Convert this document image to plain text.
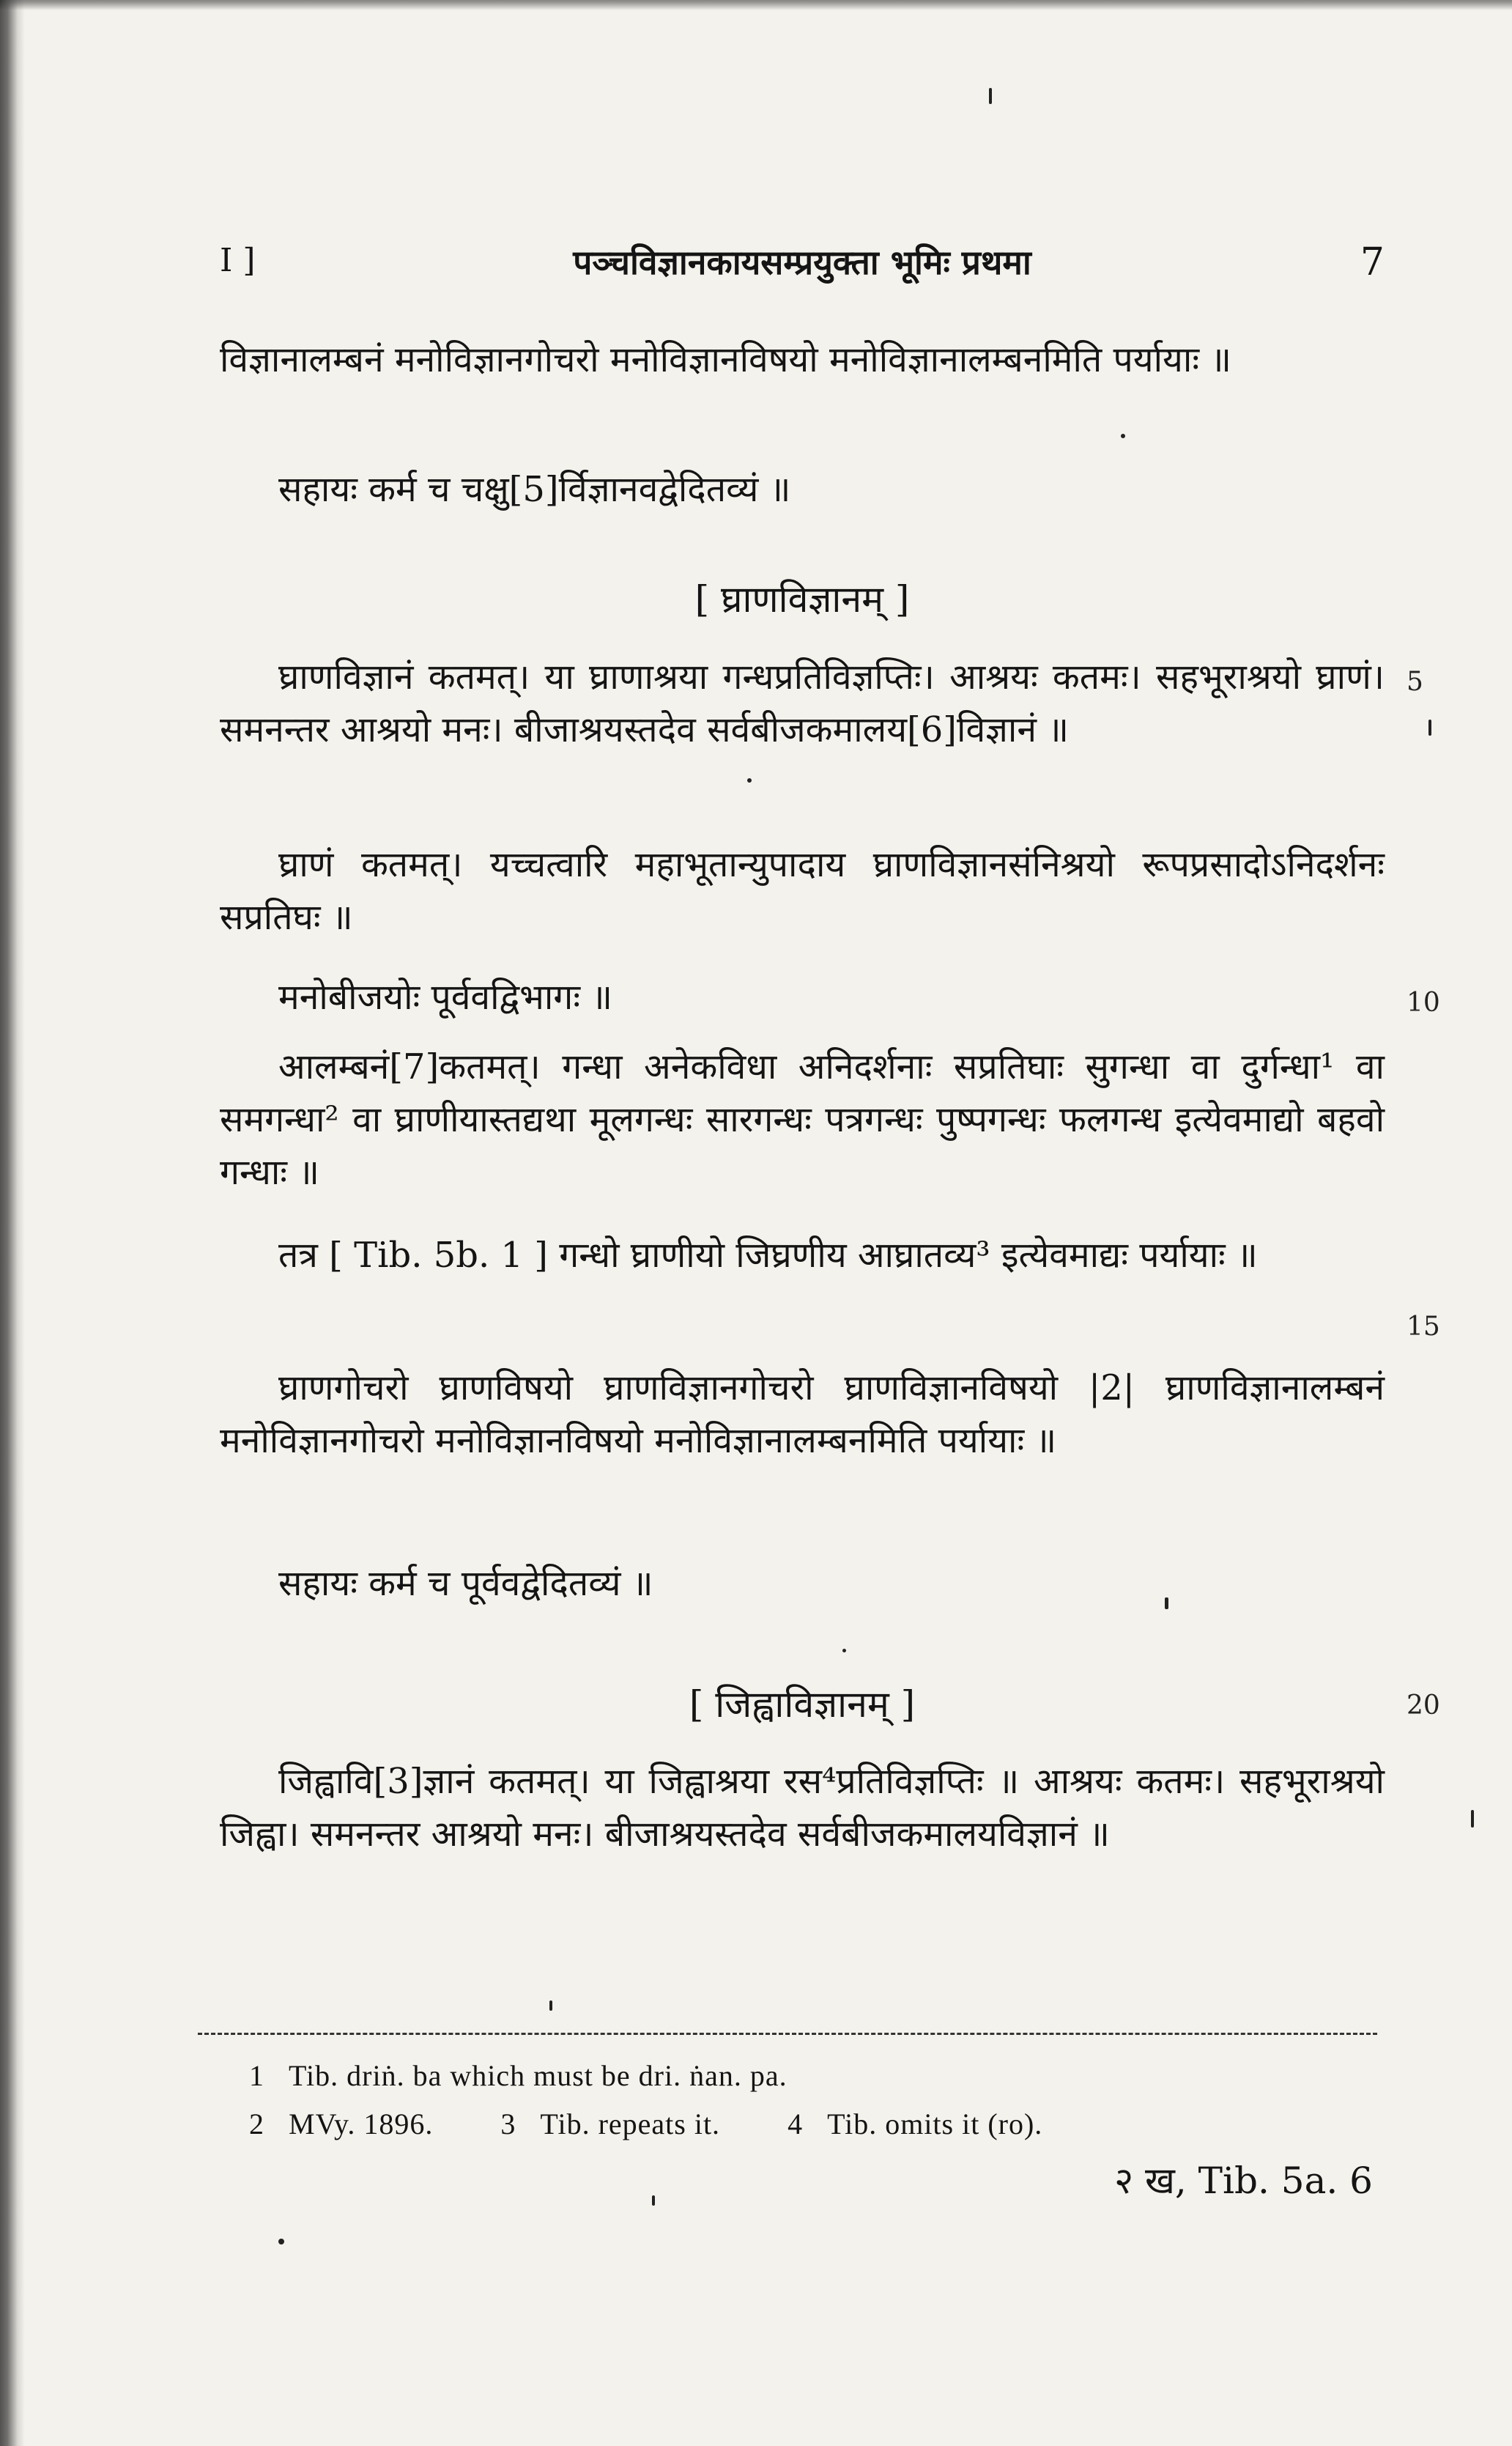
I ]	पञ्चविज्ञानकायसम्प्रयुक्ता भूमिः प्रथमा	7
विज्ञानालम्बनं मनोविज्ञानगोचरो मनोविज्ञानविषयो मनोविज्ञानालम्बनमिति पर्यायाः ॥
सहायः कर्म च चक्षु[5]र्विज्ञानवद्वेदितव्यं ॥
[ घ्राणविज्ञानम् ]
घ्राणविज्ञानं कतमत्। या घ्राणाश्रया गन्धप्रतिविज्ञप्तिः। आश्रयः कतमः। सहभूराश्रयो घ्राणं। समनन्तर आश्रयो मनः। बीजाश्रयस्तदेव सर्वबीजकमालय[6]विज्ञानं ॥
घ्राणं कतमत्। यच्चत्वारि महाभूतान्युपादाय घ्राणविज्ञानसंनिश्रयो रूपप्रसादोऽनिदर्शनः सप्रतिघः ॥
मनोबीजयोः पूर्ववद्विभागः ॥
आलम्बनं[7]कतमत्। गन्धा अनेकविधा अनिदर्शनाः सप्रतिघाः सुगन्धा वा दुर्गन्धा¹ वा समगन्धा² वा घ्राणीयास्तद्यथा मूलगन्धः सारगन्धः पत्रगन्धः पुष्पगन्धः फलगन्ध इत्येवमाद्यो बहवो गन्धाः ॥
तत्र [ Tib. 5b. 1 ] गन्धो घ्राणीयो जिघ्रणीय आघ्रातव्य³ इत्येवमाद्यः पर्यायाः ॥
घ्राणगोचरो घ्राणविषयो घ्राणविज्ञानगोचरो घ्राणविज्ञानविषयो |2| घ्राणविज्ञानालम्बनं मनोविज्ञानगोचरो मनोविज्ञानविषयो मनोविज्ञानालम्बनमिति पर्यायाः ॥
सहायः कर्म च पूर्ववद्वेदितव्यं ॥
[ जिह्वाविज्ञानम् ]
जिह्वावि[3]ज्ञानं कतमत्। या जिह्वाश्रया रस⁴प्रतिविज्ञप्तिः ॥ आश्रयः कतमः। सहभूराश्रयो जिह्वा। समनन्तर आश्रयो मनः। बीजाश्रयस्तदेव सर्वबीजकमालयविज्ञानं ॥
5
10
15
20
1 Tib. driṅ. ba which must be dri. ṅan. pa.
2 MVy. 1896. 3 Tib. repeats it. 4 Tib. omits it (ro).
२ ख, Tib. 5a. 6
